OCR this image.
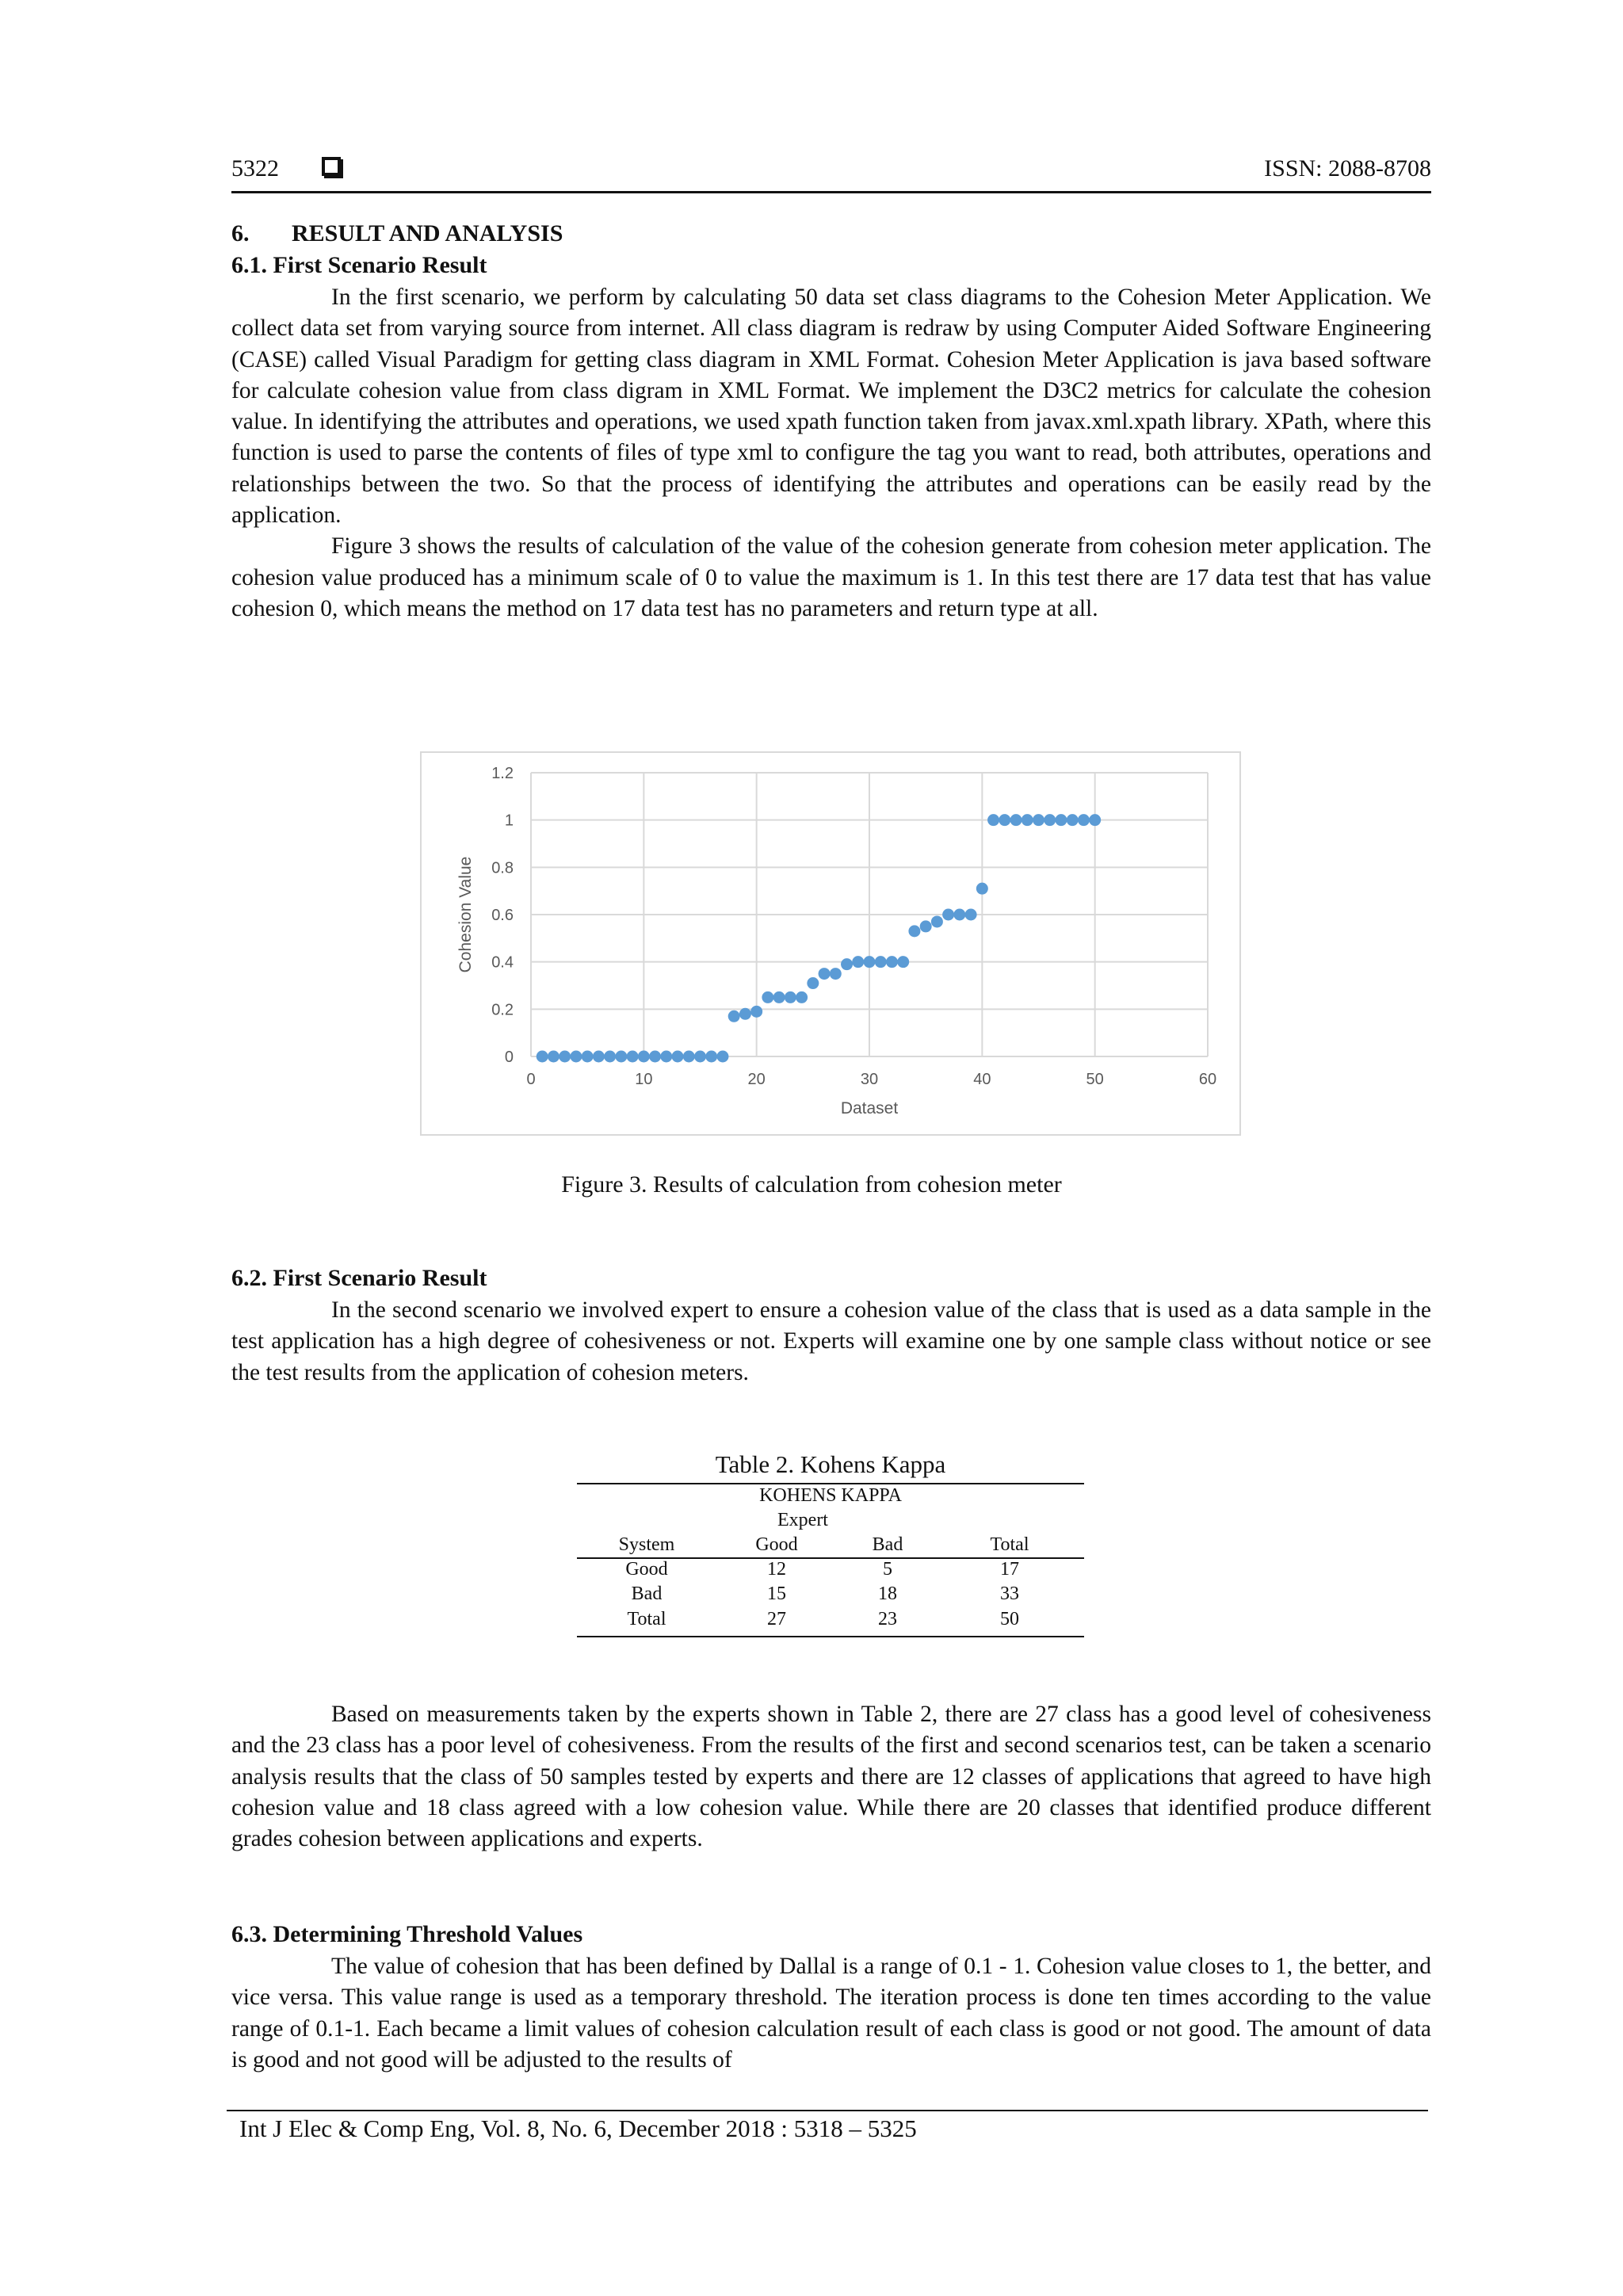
5322	ISSN: 2088-8708
6. RESULT AND ANALYSIS
6.1. First Scenario Result

In the first scenario, we perform by calculating 50 data set class diagrams to the Cohesion Meter Application. We collect data set from varying source from internet. All class diagram is redraw by using Computer Aided Software Engineering (CASE) called Visual Paradigm for getting class diagram in XML Format. Cohesion Meter Application is java based software for calculate cohesion value from class digram in XML Format. We implement the D3C2 metrics for calculate the cohesion value. In identifying the attributes and operations, we used xpath function taken from javax.xml.xpath library. XPath, where this function is used to parse the contents of files of type xml to configure the tag you want to read, both attributes, operations and relationships between the two. So that the process of identifying the attributes and operations can be easily read by the application.

Figure 3 shows the results of calculation of the value of the cohesion generate from cohesion meter application. The cohesion value produced has a minimum scale of 0 to value the maximum is 1. In this test there are 17 data test that has value cohesion 0, which means the method on 17 data test has no parameters and return type at all.

0
0.2
0.4
0.6
0.8
1
1.2
0	10	20	30	40	50	60
Dataset
Cohesion Value
Figure 3. Results of calculation from cohesion meter
6.2. First Scenario Result

In the second scenario we involved expert to ensure a cohesion value of the class that is used as a data sample in the test application has a high degree of cohesiveness or not. Experts will examine one by one sample class without notice or see the test results from the application of cohesion meters.

Table 2. Kohens Kappa
KOHENS KAPPA
Expert
System	Good	Bad	Total
Good	12	5	17
Bad	15	18	33
Total	27	23	50

Based on measurements taken by the experts shown in Table 2, there are 27 class has a good level of cohesiveness and the 23 class has a poor level of cohesiveness. From the results of the first and second scenarios test, can be taken a scenario analysis results that the class of 50 samples tested by experts and there are 12 classes of applications that agreed to have high cohesion value and 18 class agreed with a low cohesion value. While there are 20 classes that identified produce different grades cohesion between applications and experts.

6.3. Determining Threshold Values

The value of cohesion that has been defined by Dallal is a range of 0.1 - 1. Cohesion value closes to 1, the better, and vice versa. This value range is used as a temporary threshold. The iteration process is done ten times according to the value range of 0.1-1. Each became a limit values of cohesion calculation result of each class is good or not good. The amount of data is good and not good will be adjusted to the results of

Int J Elec & Comp Eng, Vol. 8, No. 6, December 2018 : 5318 – 5325
